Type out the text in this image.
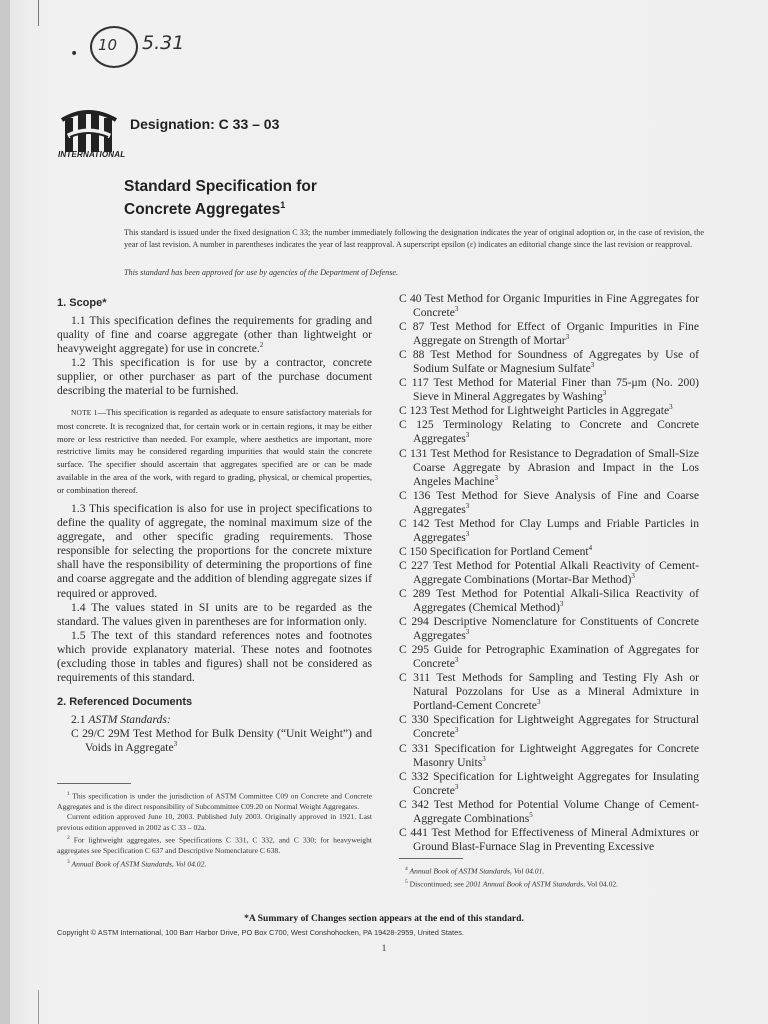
• 10 5.31
INTERNATIONAL
Designation: C 33 – 03
Standard Specification for
Concrete Aggregates$^1$
This standard is issued under the fixed designation C 33; the number immediately following the designation indicates the year of original adoption or, in the case of revision, the year of last revision. A number in parentheses indicates the year of last reapproval. A superscript epsilon (ε) indicates an editorial change since the last revision or reapproval.
This standard has been approved for use by agencies of the Department of Defense.

1. Scope*

1.1 This specification defines the requirements for grading and quality of fine and coarse aggregate (other than lightweight or heavyweight aggregate) for use in concrete.$^2$

1.2 This specification is for use by a contractor, concrete supplier, or other purchaser as part of the purchase document describing the material to be furnished.

NOTE 1—This specification is regarded as adequate to ensure satisfactory materials for most concrete. It is recognized that, for certain work or in certain regions, it may be either more or less restrictive than needed. For example, where aesthetics are important, more restrictive limits may be considered regarding impurities that would stain the concrete surface. The specifier should ascertain that aggregates specified are or can be made available in the area of the work, with regard to grading, physical, or chemical properties, or combination thereof.

1.3 This specification is also for use in project specifications to define the quality of aggregate, the nominal maximum size of the aggregate, and other specific grading requirements. Those responsible for selecting the proportions for the concrete mixture shall have the responsibility of determining the proportions of fine and coarse aggregate and the addition of blending aggregate sizes if required or approved.

1.4 The values stated in SI units are to be regarded as the standard. The values given in parentheses are for information only.

1.5 The text of this standard references notes and footnotes which provide explanatory material. These notes and footnotes (excluding those in tables and figures) shall not be considered as requirements of this standard.

2. Referenced Documents

2.1 ASTM Standards:

C 29/C 29M Test Method for Bulk Density (“Unit Weight”) and Voids in Aggregate$^3$

C 40 Test Method for Organic Impurities in Fine Aggregates for Concrete$^3$

C 87 Test Method for Effect of Organic Impurities in Fine Aggregate on Strength of Mortar$^3$

C 88 Test Method for Soundness of Aggregates by Use of Sodium Sulfate or Magnesium Sulfate$^3$

C 117 Test Method for Material Finer than 75-μm (No. 200) Sieve in Mineral Aggregates by Washing$^3$

C 123 Test Method for Lightweight Particles in Aggregate$^3$

C 125 Terminology Relating to Concrete and Concrete Aggregates$^3$

C 131 Test Method for Resistance to Degradation of Small-Size Coarse Aggregate by Abrasion and Impact in the Los Angeles Machine$^3$

C 136 Test Method for Sieve Analysis of Fine and Coarse Aggregates$^3$

C 142 Test Method for Clay Lumps and Friable Particles in Aggregates$^3$

C 150 Specification for Portland Cement$^4$

C 227 Test Method for Potential Alkali Reactivity of Cement-Aggregate Combinations (Mortar-Bar Method)$^3$

C 289 Test Method for Potential Alkali-Silica Reactivity of Aggregates (Chemical Method)$^3$

C 294 Descriptive Nomenclature for Constituents of Concrete Aggregates$^3$

C 295 Guide for Petrographic Examination of Aggregates for Concrete$^3$

C 311 Test Methods for Sampling and Testing Fly Ash or Natural Pozzolans for Use as a Mineral Admixture in Portland-Cement Concrete$^3$

C 330 Specification for Lightweight Aggregates for Structural Concrete$^3$

C 331 Specification for Lightweight Aggregates for Concrete Masonry Units$^3$

C 332 Specification for Lightweight Aggregates for Insulating Concrete$^3$

C 342 Test Method for Potential Volume Change of Cement-Aggregate Combinations$^5$

C 441 Test Method for Effectiveness of Mineral Admixtures or Ground Blast-Furnace Slag in Preventing Excessive

$^1$ This specification is under the jurisdiction of ASTM Committee C09 on Concrete and Concrete Aggregates and is the direct responsibility of Subcommittee C09.20 on Normal Weight Aggregates.

Current edition approved June 10, 2003. Published July 2003. Originally approved in 1921. Last previous edition approved in 2002 as C 33 – 02a.

$^2$ For lightweight aggregates, see Specifications C 331, C 332, and C 330; for heavyweight aggregates see Specification C 637 and Descriptive Nomenclature C 638.

$^3$ Annual Book of ASTM Standards, Vol 04.02.

$^4$ Annual Book of ASTM Standards, Vol 04.01.

$^5$ Discontinued; see 2001 Annual Book of ASTM Standards, Vol 04.02.

*A Summary of Changes section appears at the end of this standard.
Copyright © ASTM International, 100 Barr Harbor Drive, PO Box C700, West Conshohocken, PA 19428-2959, United States.
1
